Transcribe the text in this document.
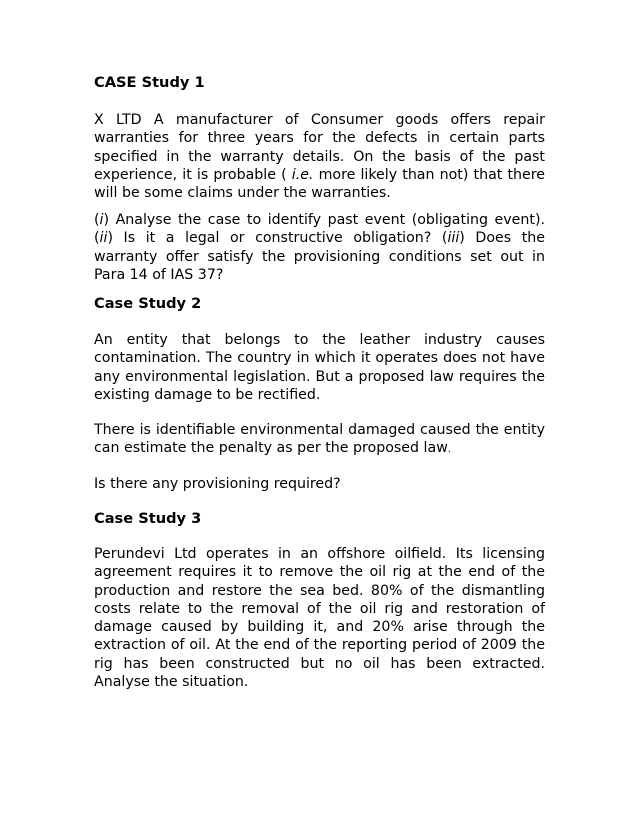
CASE Study 1

X LTD A manufacturer of Consumer goods offers repair warranties for three years for the defects in certain parts specified in the warranty details. On the basis of the past experience, it is probable ( i.e. more likely than not) that there will be some claims under the warranties.

(i) Analyse the case to identify past event (obligating event). (ii) Is it a legal or constructive obligation? (iii) Does the warranty offer satisfy the provisioning conditions set out in Para 14 of IAS 37?

Case Study 2

An entity that belongs to the leather industry causes contamination. The country in which it operates does not have any environmental legislation. But a proposed law requires the existing damage to be rectified.

There is identifiable environmental damaged caused the entity can estimate the penalty as per the proposed law.

Is there any provisioning required?

Case Study 3

Perundevi Ltd operates in an offshore oilfield. Its licensing agreement requires it to remove the oil rig at the end of the production and restore the sea bed. 80% of the dismantling costs relate to the removal of the oil rig and restoration of damage caused by building it, and 20% arise through the extraction of oil. At the end of the reporting period of 2009 the rig has been constructed but no oil has been extracted. Analyse the situation.
